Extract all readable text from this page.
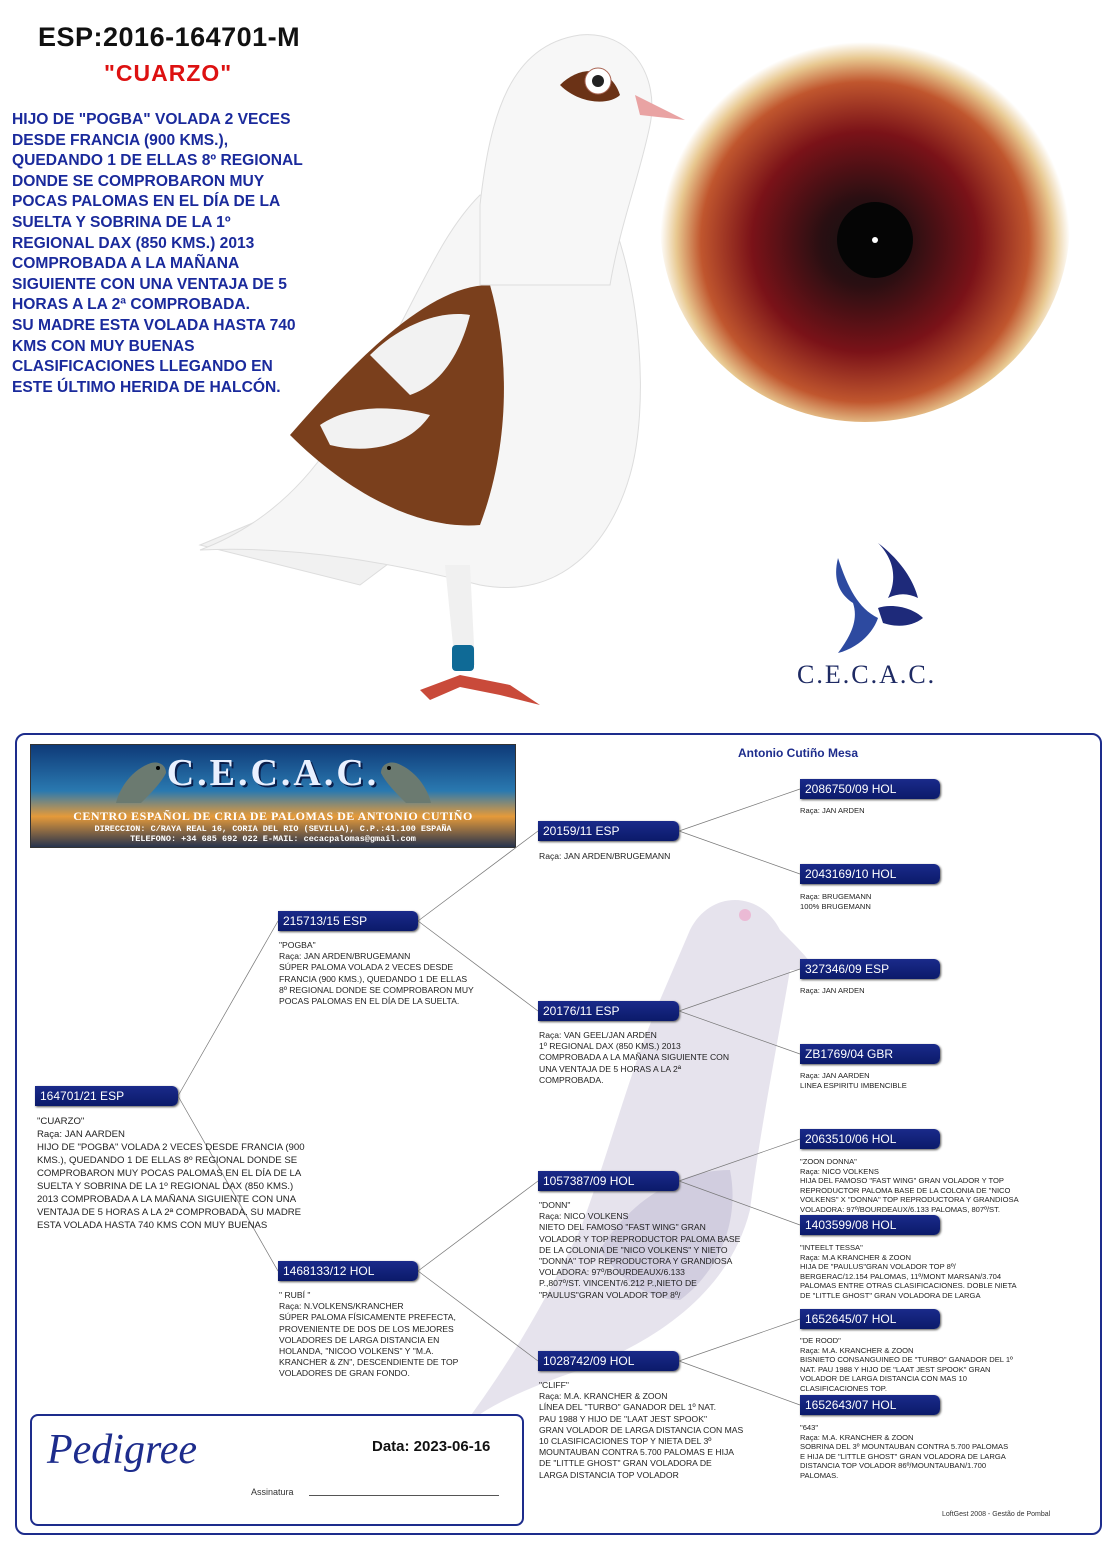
ESP:2016-164701-M
"CUARZO"
HIJO DE "POGBA" VOLADA 2 VECES
DESDE FRANCIA (900 KMS.),
QUEDANDO 1 DE ELLAS 8º REGIONAL
DONDE SE COMPROBARON MUY
POCAS PALOMAS EN EL DÍA DE LA
SUELTA Y SOBRINA DE LA 1º
REGIONAL DAX (850 KMS.) 2013
COMPROBADA A LA MAÑANA
SIGUIENTE CON UNA VENTAJA DE 5
HORAS A LA 2ª COMPROBADA.
SU MADRE ESTA VOLADA HASTA 740
KMS CON MUY BUENAS
CLASIFICACIONES LLEGANDO EN
ESTE ÚLTIMO HERIDA DE HALCÓN.
C.E.C.A.C.
C.E.C.A.C.
CENTRO ESPAÑOL DE CRIA DE PALOMAS DE ANTONIO CUTIÑO
DIRECCION: C/RAYA REAL 16, CORIA DEL RIO (SEVILLA), C.P.:41.100 ESPAÑA
TELEFONO: +34 685 692 022 E-MAIL: cecacpalomas@gmail.com
Antonio Cutiño Mesa
164701/21 ESP
"CUARZO"
Raça: JAN AARDEN
HIJO DE "POGBA" VOLADA 2 VECES DESDE FRANCIA (900
KMS.), QUEDANDO 1 DE ELLAS 8º REGIONAL DONDE SE
COMPROBARON MUY POCAS PALOMAS EN EL DÍA DE LA
SUELTA Y SOBRINA DE LA 1º REGIONAL DAX (850 KMS.)
2013 COMPROBADA A LA MAÑANA SIGUIENTE CON UNA
VENTAJA DE 5 HORAS A LA 2ª COMPROBADA. SU MADRE
ESTA VOLADA HASTA 740 KMS CON MUY BUENAS
215713/15 ESP
"POGBA"
Raça: JAN ARDEN/BRUGEMANN
SÚPER PALOMA VOLADA 2 VECES DESDE
FRANCIA (900 KMS.), QUEDANDO 1 DE ELLAS
8º REGIONAL DONDE SE COMPROBARON MUY
POCAS PALOMAS EN EL DÍA DE LA SUELTA.
1468133/12 HOL
" RUBÍ "
Raça: N.VOLKENS/KRANCHER
SÚPER PALOMA FÍSICAMENTE PREFECTA,
PROVENIENTE DE DOS DE LOS MEJORES
VOLADORES DE LARGA DISTANCIA EN
HOLANDA, "NICOO VOLKENS" Y "M.A.
KRANCHER & ZN", DESCENDIENTE DE TOP
VOLADORES DE GRAN FONDO.
20159/11 ESP
Raça: JAN ARDEN/BRUGEMANN
20176/11 ESP
Raça: VAN GEEL/JAN ARDEN
1º REGIONAL DAX (850 KMS.) 2013
COMPROBADA A LA MAÑANA SIGUIENTE CON
UNA VENTAJA DE 5 HORAS A LA 2ª
COMPROBADA.
1057387/09 HOL
"DONN"
Raça: NICO VOLKENS
NIETO DEL FAMOSO "FAST WING" GRAN
VOLADOR Y TOP REPRODUCTOR PALOMA BASE
DE LA COLONIA DE "NICO VOLKENS" Y NIETO
"DONNA" TOP REPRODUCTORA Y GRANDIOSA
VOLADORA: 97º/BOURDEAUX/6.133
P.,807º/ST. VINCENT/6.212 P.,NIETO DE
"PAULUS"GRAN VOLADOR TOP 8º/
1028742/09 HOL
"CLIFF"
Raça: M.A. KRANCHER & ZOON
LÍNEA DEL "TURBO" GANADOR DEL 1º NAT.
PAU 1988 Y HIJO DE "LAAT JEST SPOOK"
GRAN VOLADOR DE LARGA DISTANCIA CON MAS
10 CLASIFICACIONES TOP Y NIETA DEL 3º
MOUNTAUBAN CONTRA 5.700 PALOMAS E HIJA
DE "LITTLE GHOST" GRAN VOLADORA DE
LARGA DISTANCIA TOP VOLADOR
2086750/09 HOL
Raça: JAN ARDEN
2043169/10 HOL
Raça: BRUGEMANN
100% BRUGEMANN
327346/09 ESP
Raça: JAN ARDEN
ZB1769/04 GBR
Raça: JAN AARDEN
LINEA ESPIRITU IMBENCIBLE
2063510/06 HOL
"ZOON DONNA"
Raça: NICO VOLKENS
HIJA DEL FAMOSO "FAST WING" GRAN VOLADOR Y TOP
REPRODUCTOR PALOMA BASE DE LA COLONIA DE "NICO
VOLKENS" X "DONNA" TOP REPRODUCTORA Y GRANDIOSA
VOLADORA: 97º/BOURDEAUX/6.133 PALOMAS, 807º/ST.
1403599/08 HOL
"INTEELT TESSA"
Raça: M.A KRANCHER & ZOON
HIJA DE "PAULUS"GRAN VOLADOR TOP 8º/
BERGERAC/12.154 PALOMAS, 11º/MONT MARSAN/3.704
PALOMAS ENTRE OTRAS CLASIFICACIONES. DOBLE NIETA
DE "LITTLE GHOST" GRAN VOLADORA DE LARGA
1652645/07 HOL
"DE ROOD"
Raça: M.A. KRANCHER & ZOON
BISNIETO CONSANGUINEO DE "TURBO" GANADOR DEL 1º
NAT. PAU 1988 Y HIJO DE "LAAT JEST SPOOK" GRAN
VOLADOR DE LARGA DISTANCIA CON MAS 10
CLASIFICACIONES TOP.
1652643/07 HOL
"643"
Raça: M.A. KRANCHER & ZOON
SOBRINA DEL 3º MOUNTAUBAN CONTRA 5.700 PALOMAS
E HIJA DE "LITTLE GHOST" GRAN VOLADORA DE LARGA
DISTANCIA TOP VOLADOR 86º/MOUNTAUBAN/1.700
PALOMAS.
Pedigree	Data: 2023-06-16
Assinatura
LoftGest 2008 - Gestão de Pombal
